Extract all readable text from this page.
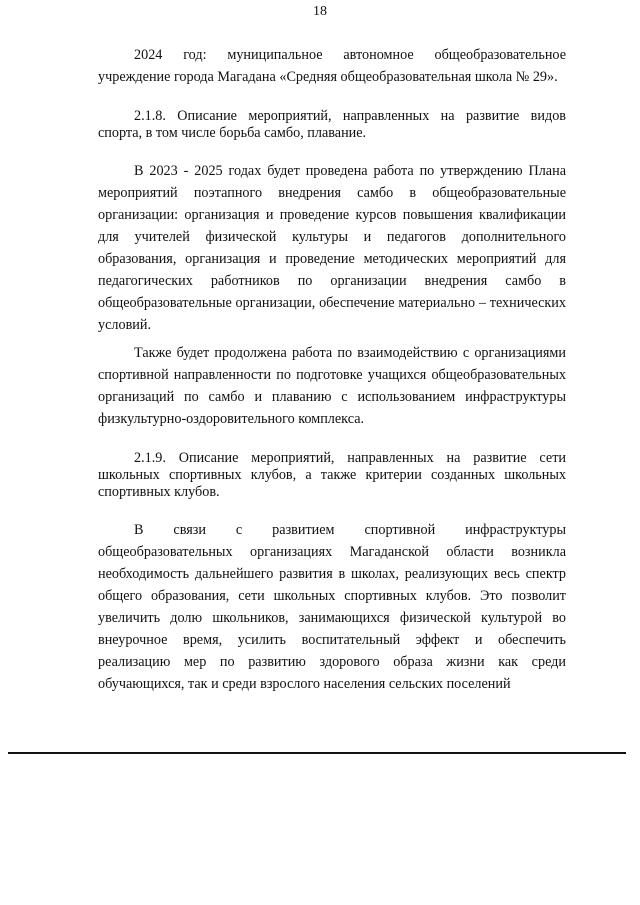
18

2024 год: муниципальное автономное общеобразовательное учреждение города Магадана «Средняя общеобразовательная школа № 29».

2.1.8. Описание мероприятий, направленных на развитие видов спорта, в том числе борьба самбо, плавание.

В 2023 - 2025 годах будет проведена работа по утверждению Плана мероприятий поэтапного внедрения самбо в общеобразовательные организации: организация и проведение курсов повышения квалификации для учителей физической культуры и педагогов дополнительного образования, организация и проведение методических мероприятий для педагогических работников по организации внедрения самбо в общеобразовательные организации, обеспечение материально – технических условий.

Также будет продолжена работа по взаимодействию с организациями спортивной направленности по подготовке учащихся общеобразовательных организаций по самбо и плаванию с использованием инфраструктуры физкультурно-оздоровительного комплекса.

2.1.9. Описание мероприятий, направленных на развитие сети школьных спортивных клубов, а также критерии созданных школьных спортивных клубов.

В связи с развитием спортивной инфраструктуры общеобразовательных организациях Магаданской области возникла необходимость дальнейшего развития в школах, реализующих весь спектр общего образования, сети школьных спортивных клубов. Это позволит увеличить долю школьников, занимающихся физической культурой во внеурочное время, усилить воспитательный эффект и обеспечить реализацию мер по развитию здорового образа жизни как среди обучающихся, так и среди взрослого населения сельских поселений
